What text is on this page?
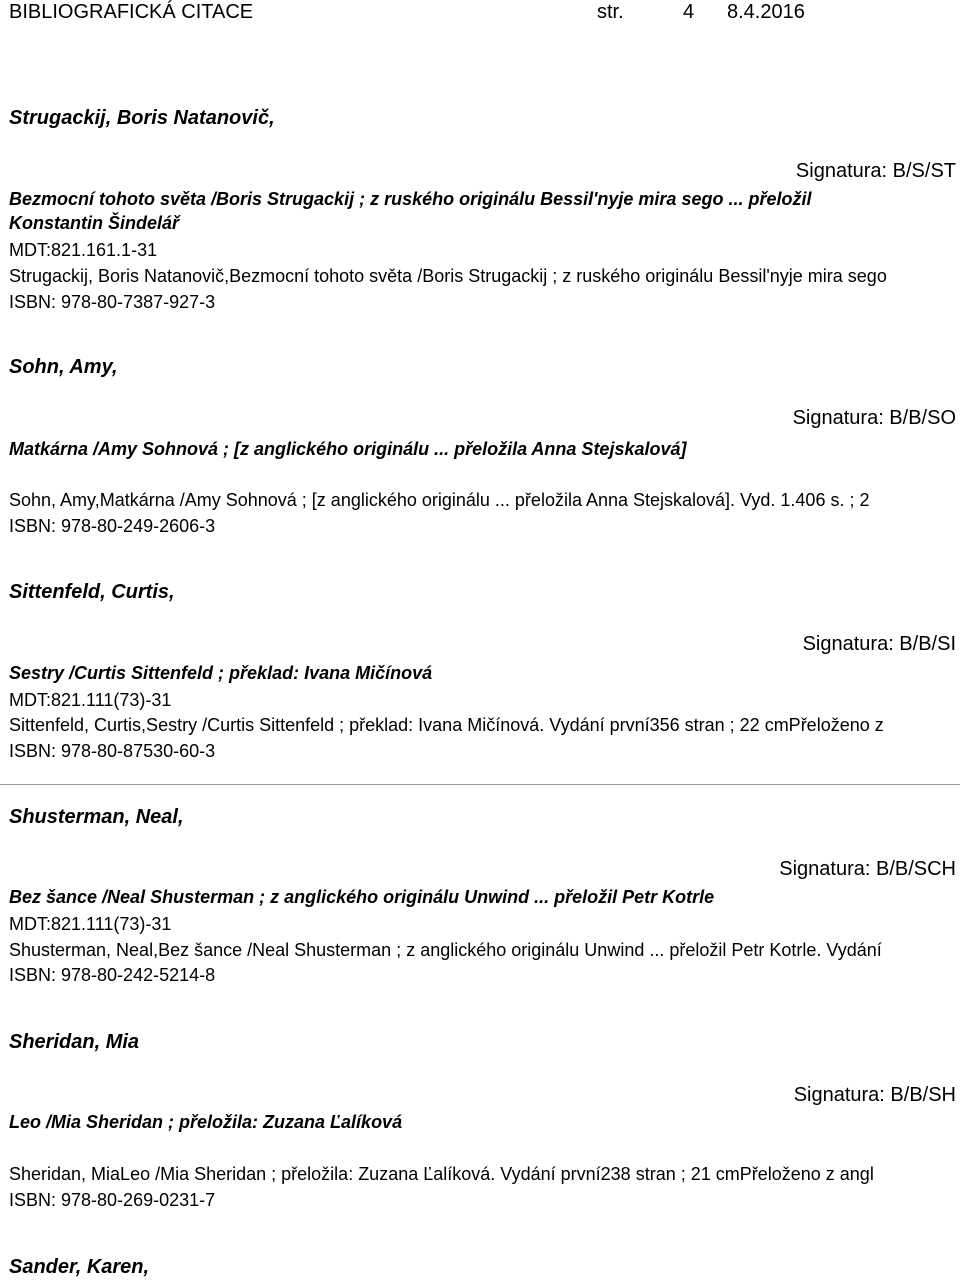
BIBLIOGRAFICKÁ CITACE	str.	4 8.4.2016
Strugackij, Boris Natanovič,
Signatura: B/S/ST
Bezmocní tohoto světa /Boris Strugackij ; z ruského originálu Bessil'nyje mira sego ... přeložil
Konstantin Šindelář
MDT:821.161.1-31
Strugackij, Boris Natanovič,Bezmocní tohoto světa /Boris Strugackij ; z ruského originálu Bessil'nyje mira sego
ISBN: 978-80-7387-927-3
Sohn, Amy,
Signatura: B/B/SO
Matkárna /Amy Sohnová ; [z anglického originálu ... přeložila Anna Stejskalová]
Sohn, Amy,Matkárna /Amy Sohnová ; [z anglického originálu ... přeložila Anna Stejskalová]. Vyd. 1.406 s. ; 2
ISBN: 978-80-249-2606-3
Sittenfeld, Curtis,
Signatura: B/B/SI
Sestry /Curtis Sittenfeld ; překlad: Ivana Mičínová
MDT:821.111(73)-31
Sittenfeld, Curtis,Sestry /Curtis Sittenfeld ; překlad: Ivana Mičínová. Vydání první356 stran ; 22 cmPřeloženo z
ISBN: 978-80-87530-60-3
Shusterman, Neal,
Signatura: B/B/SCH
Bez šance /Neal Shusterman ; z anglického originálu Unwind ... přeložil Petr Kotrle
MDT:821.111(73)-31
Shusterman, Neal,Bez šance /Neal Shusterman ; z anglického originálu Unwind ... přeložil Petr Kotrle. Vydání
ISBN: 978-80-242-5214-8
Sheridan, Mia
Signatura: B/B/SH
Leo /Mia Sheridan ; přeložila: Zuzana Ľalíková
Sheridan, MiaLeo /Mia Sheridan ; přeložila: Zuzana Ľalíková. Vydání první238 stran ; 21 cmPřeloženo z angl
ISBN: 978-80-269-0231-7
Sander, Karen,
